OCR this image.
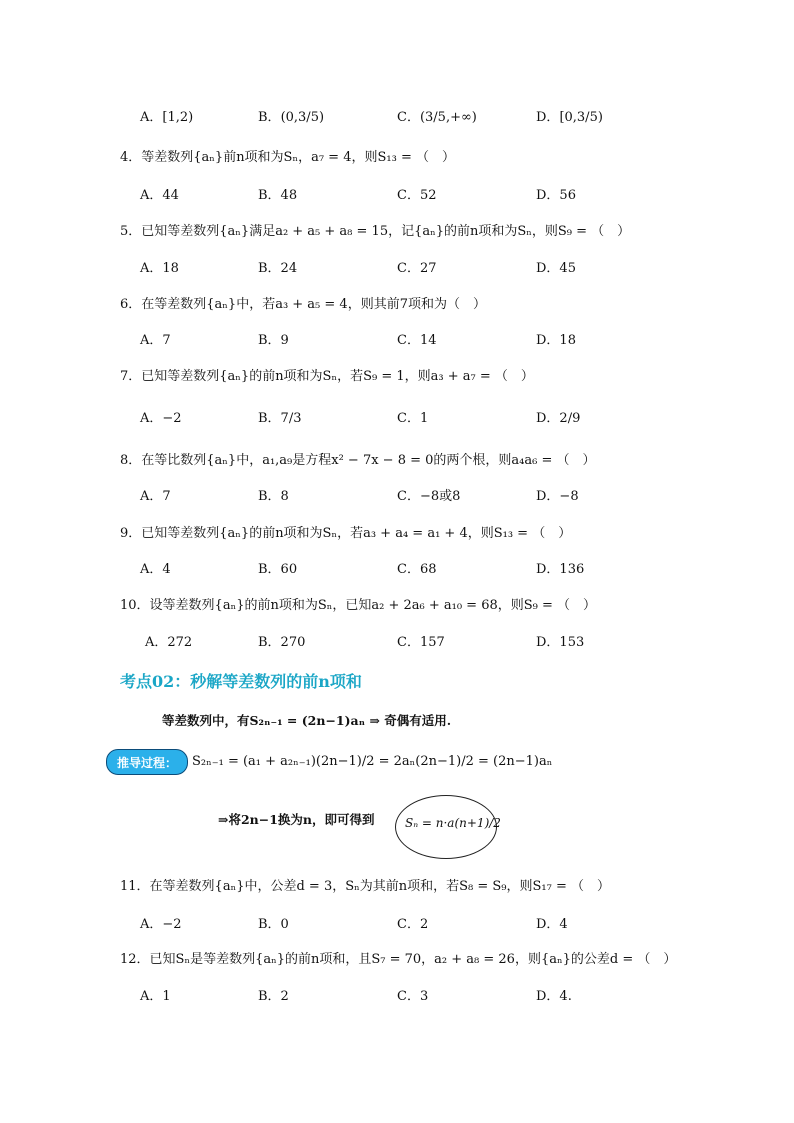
A．[1,2)	B．(0,3/5)	C．(3/5,+∞)	D．[0,3/5)
4．等差数列{aₙ}前n项和为Sₙ，a₇ = 4，则S₁₃ = （　）
A．44	B．48	C．52	D．56
5．已知等差数列{aₙ}满足a₂ + a₅ + a₈ = 15，记{aₙ}的前n项和为Sₙ，则S₉ = （　）
A．18	B．24	C．27	D．45
6．在等差数列{aₙ}中，若a₃ + a₅ = 4，则其前7项和为（　）
A．7	B．9	C．14	D．18
7．已知等差数列{aₙ}的前n项和为Sₙ，若S₉ = 1，则a₃ + a₇ = （　）
A．−2	B．7/3	C．1	D．2/9
8．在等比数列{aₙ}中，a₁,a₉是方程x² − 7x − 8 = 0的两个根，则a₄a₆ = （　）
A．7	B．8	C．−8或8	D．−8
9．已知等差数列{aₙ}的前n项和为Sₙ，若a₃ + a₄ = a₁ + 4，则S₁₃ = （　）
A．4	B．60	C．68	D．136
10．设等差数列{aₙ}的前n项和为Sₙ，已知a₂ + 2a₆ + a₁₀ = 68，则S₉ = （　）
A．272	B．270	C．157	D．153
考点02：秒解等差数列的前n项和
等差数列中，有S₂ₙ₋₁ = (2n−1)aₙ ⇒ 奇偶有适用.
推导过程：	S₂ₙ₋₁ = (a₁ + a₂ₙ₋₁)(2n−1)/2 = 2aₙ(2n−1)/2 = (2n−1)aₙ
⇒将2n−1换为n，即可得到	Sₙ = n·a(n+1)/2
11．在等差数列{aₙ}中，公差d = 3，Sₙ为其前n项和，若S₈ = S₉，则S₁₇ = （　）
A．−2	B．0	C．2	D．4
12．已知Sₙ是等差数列{aₙ}的前n项和，且S₇ = 70，a₂ + a₈ = 26，则{aₙ}的公差d = （　）
A．1	B．2	C．3	D．4.
